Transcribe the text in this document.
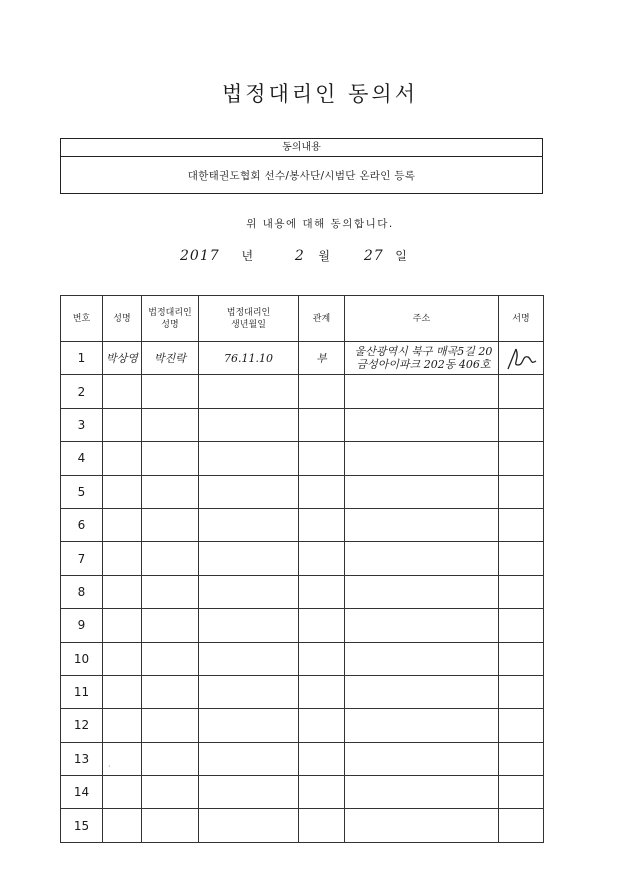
법정대리인 동의서
동의내용
대한태권도협회 선수/봉사단/시범단 온라인 등록
위 내용에 대해 동의합니다.
2017 년	2 월 27 일
번호	성명	법정대리인 성명	법정대리인 생년월일	관계	주소	서명
1	박상영	박진락	76.11.10	부	울산광역시 북구 매곡5길 20
금성아이파크 202동 406호

2						
3						
4						
5						
6						
7						
8						
9						
10						
11						
12						
13						
14						
15						
·
